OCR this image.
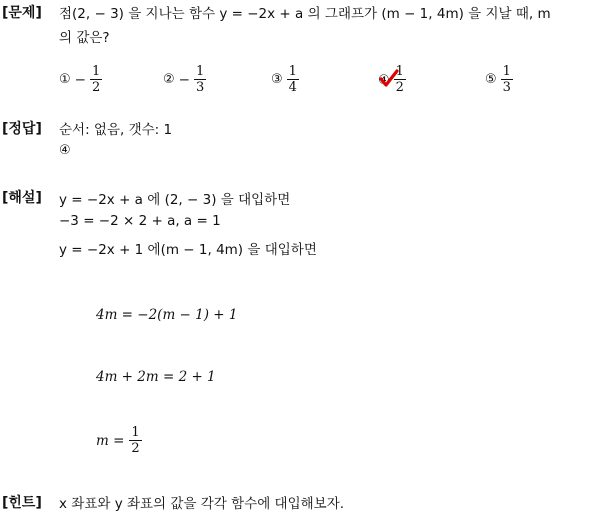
[문제] 점(2, − 3) 을 지나는 함수 y = −2x + a 의 그래프가 (m − 1, 4m) 을 지날 때, m
의 값은?
① − $\frac{1}{2}$	② − $\frac{1}{3}$	③ $\frac{1}{4}$	④ $\frac{1}{2}$	⑤ $\frac{1}{3}$
[정답] 순서: 없음, 갯수: 1
④
[해설] y = −2x + a 에 (2, − 3) 을 대입하면
−3 = −2 × 2 + a, a = 1
y = −2x + 1 에(m − 1, 4m) 을 대입하면
4m = −2(m − 1) + 1
4m + 2m = 2 + 1
$m = \frac{1}{2}$
[힌트] x 좌표와 y 좌표의 값을 각각 함수에 대입해보자.
